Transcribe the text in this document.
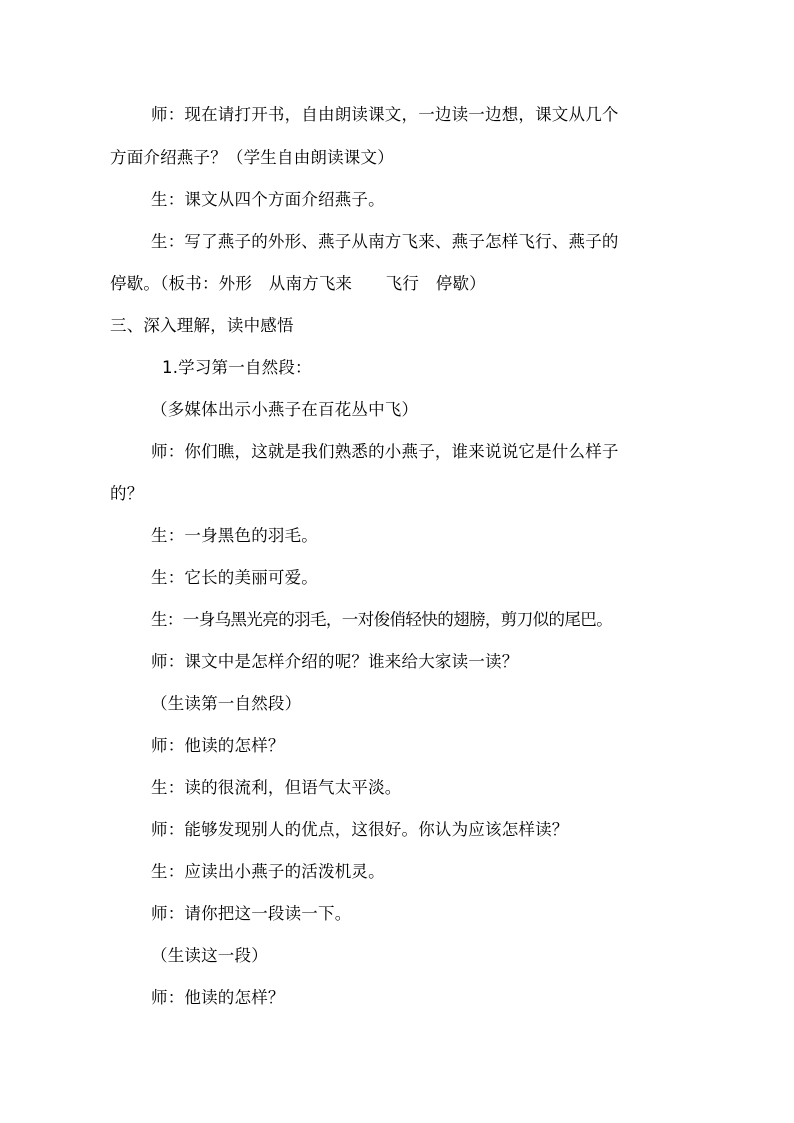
师：现在请打开书，自由朗读课文，一边读一边想，课文从几个
方面介绍燕子？（学生自由朗读课文）
生：课文从四个方面介绍燕子。
生：写了燕子的外形、燕子从南方飞来、燕子怎样飞行、燕子的
停歇。（板书：外形　从南方飞来　　飞行　停歇）
三、深入理解，读中感悟
1.学习第一自然段：
（多媒体出示小燕子在百花丛中飞）
师：你们瞧，这就是我们熟悉的小燕子，谁来说说它是什么样子
的？
生：一身黑色的羽毛。
生：它长的美丽可爱。
生：一身乌黑光亮的羽毛，一对俊俏轻快的翅膀，剪刀似的尾巴。
师：课文中是怎样介绍的呢？谁来给大家读一读？
（生读第一自然段）
师：他读的怎样？
生：读的很流利，但语气太平淡。
师：能够发现别人的优点，这很好。你认为应该怎样读？
生：应读出小燕子的活泼机灵。
师：请你把这一段读一下。
（生读这一段）
师：他读的怎样？
